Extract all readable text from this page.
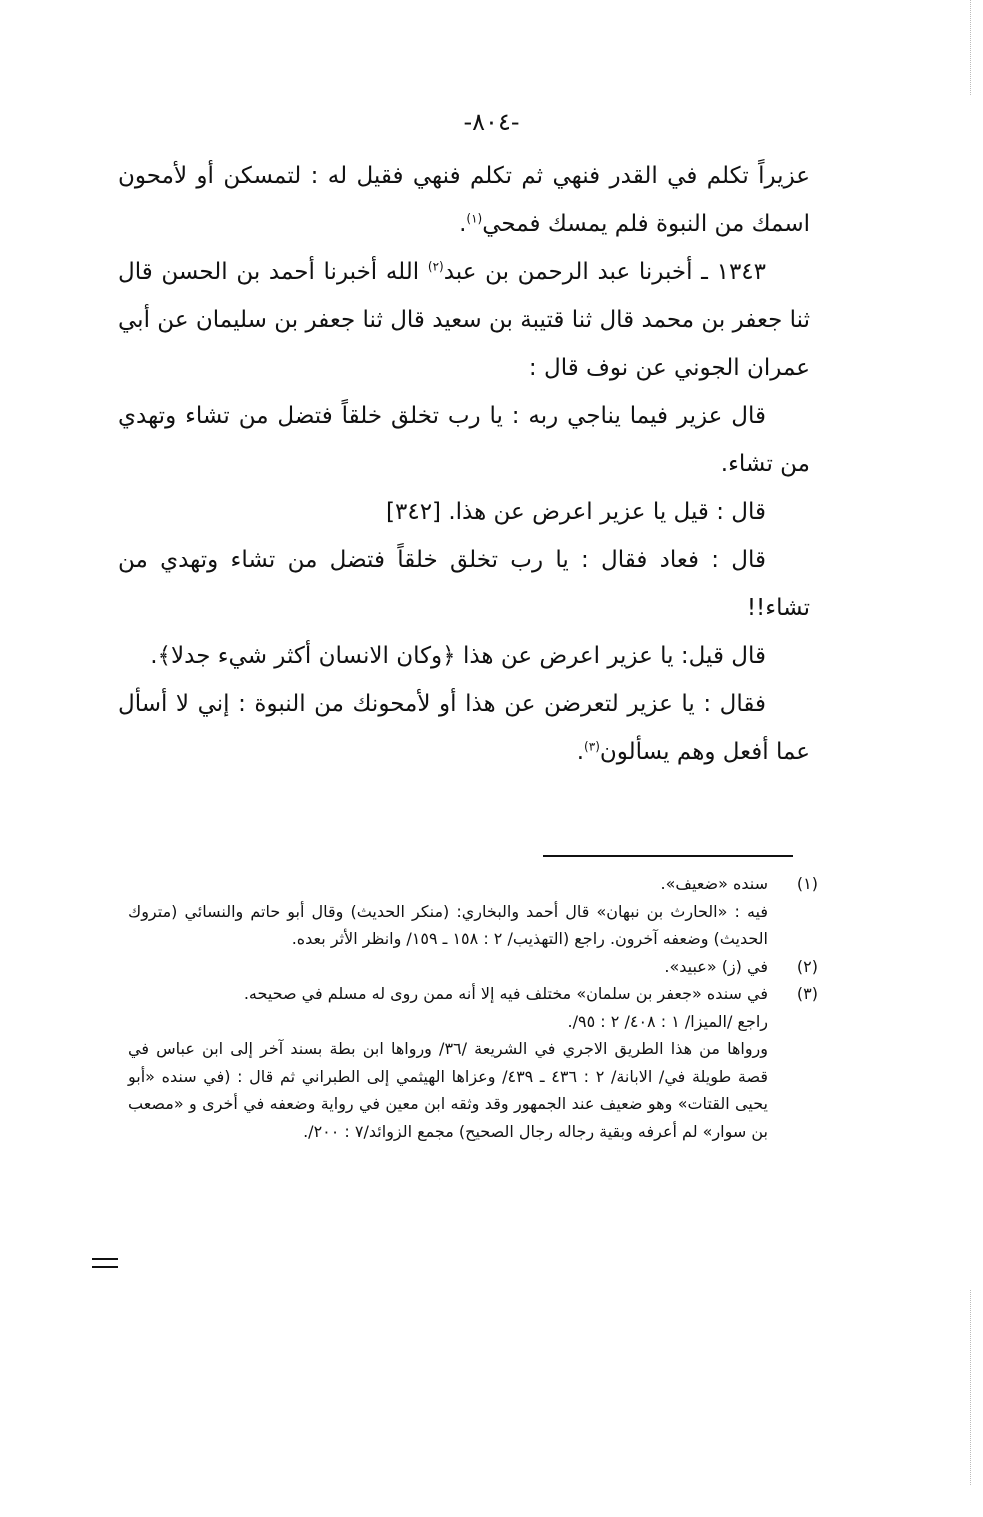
-٨٠٤-

عزيراً تكلم في القدر فنهي ثم تكلم فنهي فقيل له : لتمسكن أو لأمحون اسمك من النبوة فلم يمسك فمحي$^{(١)}$.

١٣٤٣ ـ أخبرنا عبد الرحمن بن عبد$^{(٢)}$ الله أخبرنا أحمد بن الحسن قال ثنا جعفر بن محمد قال ثنا قتيبة بن سعيد قال ثنا جعفر بن سليمان عن أبي عمران الجوني عن نوف قال :

قال عزير فيما يناجي ربه : يا رب تخلق خلقاً فتضل من تشاء وتهدي من تشاء.

قال : قيل يا عزير اعرض عن هذا. [٣٤٢]

قال : فعاد فقال : يا رب تخلق خلقاً فتضل من تشاء وتهدي من تشاء!!

قال قيل: يا عزير اعرض عن هذا ﴿وكان الانسان أكثر شيء جدلا﴾.

فقال : يا عزير لتعرضن عن هذا أو لأمحونك من النبوة : إني لا أسأل عما أفعل وهم يسألون$^{(٣)}$.

(١)سنده «ضعيف».

فيه : «الحارث بن نبهان» قال أحمد والبخاري: (منكر الحديث) وقال أبو حاتم والنسائي (متروك الحديث) وضعفه آخرون. راجع (التهذيب/ ٢ : ١٥٨ ـ ١٥٩/ وانظر الأثر بعده.

(٢)في (ز) «عبيد».

(٣)في سنده «جعفر بن سلمان» مختلف فيه إلا أنه ممن روى له مسلم في صحيحه.

راجع /الميزا/ ١ : ٤٠٨/ ٢ : ٩٥/.

ورواها من هذا الطريق الاجري في الشريعة /٣٦/ ورواها ابن بطة بسند آخر إلى ابن عباس في قصة طويلة في/ الابانة/ ٢ : ٤٣٦ ـ ٤٣٩/ وعزاها الهيثمي إلى الطبراني ثم قال : (في سنده «أبو يحيى القتات» وهو ضعيف عند الجمهور وقد وثقه ابن معين في رواية وضعفه في أخرى و «مصعب بن سوار» لم أعرفه وبقية رجاله رجال الصحيح) مجمع الزوائد/٧ : ٢٠٠/.
